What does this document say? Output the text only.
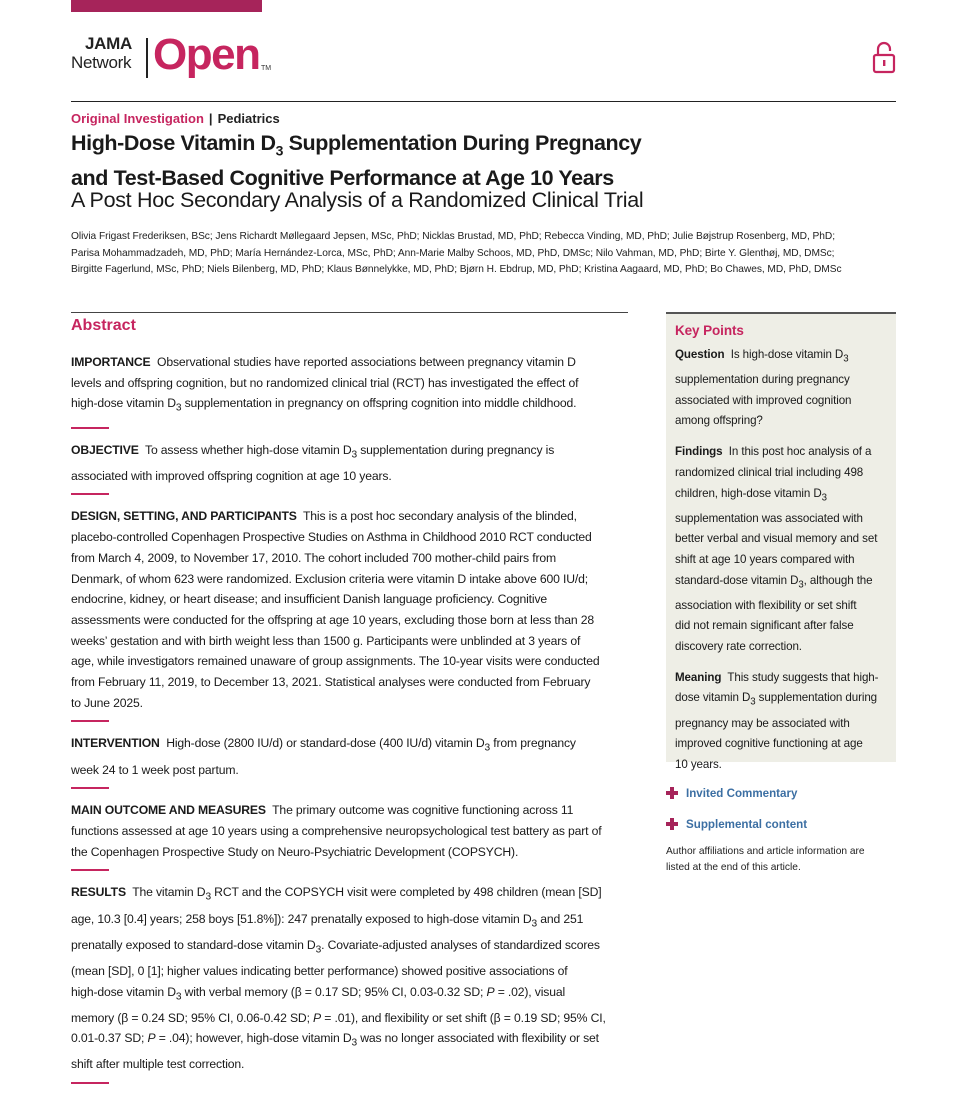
JAMA
Network Open TM
Original Investigation | Pediatrics
High-Dose Vitamin $D_3$ Supplementation During Pregnancy
and Test-Based Cognitive Performance at Age 10 Years
A Post Hoc Secondary Analysis of a Randomized Clinical Trial

Olivia Frigast Frederiksen, BSc; Jens Richardt Møllegaard Jepsen, MSc, PhD; Nicklas Brustad, MD, PhD; Rebecca Vinding, MD, PhD; Julie Bøjstrup Rosenberg, MD, PhD;

Parisa Mohammadzadeh, MD, PhD; María Hernández-Lorca, MSc, PhD; Ann-Marie Malby Schoos, MD, PhD, DMSc; Nilo Vahman, MD, PhD; Birte Y. Glenthøj, MD, DMSc;

Birgitte Fagerlund, MSc, PhD; Niels Bilenberg, MD, PhD; Klaus Bønnelykke, MD, PhD; Bjørn H. Ebdrup, MD, PhD; Kristina Aagaard, MD, PhD; Bo Chawes, MD, PhD, DMSc

Abstract
IMPORTANCE Observational studies have reported associations between pregnancy vitamin D
levels and offspring cognition, but no randomized clinical trial (RCT) has investigated the effect of
high-dose vitamin $D_3$ supplementation in pregnancy on offspring cognition into middle childhood.
OBJECTIVE To assess whether high-dose vitamin $D_3$ supplementation during pregnancy is
associated with improved offspring cognition at age 10 years.
DESIGN, SETTING, AND PARTICIPANTS This is a post hoc secondary analysis of the blinded,
placebo-controlled Copenhagen Prospective Studies on Asthma in Childhood 2010 RCT conducted
from March 4, 2009, to November 17, 2010. The cohort included 700 mother-child pairs from
Denmark, of whom 623 were randomized. Exclusion criteria were vitamin D intake above 600 IU/d;
endocrine, kidney, or heart disease; and insufficient Danish language proficiency. Cognitive
assessments were conducted for the offspring at age 10 years, excluding those born at less than 28
weeks’ gestation and with birth weight less than 1500 g. Participants were unblinded at 3 years of
age, while investigators remained unaware of group assignments. The 10-year visits were conducted
from February 11, 2019, to December 13, 2021. Statistical analyses were conducted from February
to June 2025.
INTERVENTION High-dose (2800 IU/d) or standard-dose (400 IU/d) vitamin $D_3$ from pregnancy
week 24 to 1 week post partum.
MAIN OUTCOME AND MEASURES The primary outcome was cognitive functioning across 11
functions assessed at age 10 years using a comprehensive neuropsychological test battery as part of
the Copenhagen Prospective Study on Neuro-Psychiatric Development (COPSYCH).
RESULTS The vitamin $D_3$ RCT and the COPSYCH visit were completed by 498 children (mean [SD]
age, 10.3 [0.4] years; 258 boys [51.8%]): 247 prenatally exposed to high-dose vitamin $D_3$ and 251
prenatally exposed to standard-dose vitamin $D_3$. Covariate-adjusted analyses of standardized scores
(mean [SD], 0 [1]; higher values indicating better performance) showed positive associations of
high-dose vitamin $D_3$ with verbal memory (β = 0.17 SD; 95% CI, 0.03-0.32 SD; P = .02), visual
memory (β = 0.24 SD; 95% CI, 0.06-0.42 SD; P = .01), and flexibility or set shift (β = 0.19 SD; 95% CI,
0.01-0.37 SD; P = .04); however, high-dose vitamin $D_3$ was no longer associated with flexibility or set
shift after multiple test correction.
Key Points
Question Is high-dose vitamin $D_3$
supplementation during pregnancy
associated with improved cognition
among offspring?
Findings In this post hoc analysis of a
randomized clinical trial including 498
children, high-dose vitamin $D_3$
supplementation was associated with
better verbal and visual memory and set
shift at age 10 years compared with
standard-dose vitamin $D_3$, although the
association with flexibility or set shift
did not remain significant after false
discovery rate correction.
Meaning This study suggests that high-
dose vitamin $D_3$ supplementation during
pregnancy may be associated with
improved cognitive functioning at age
10 years.
Invited Commentary
Supplemental content
Author affiliations and article information are
listed at the end of this article.
